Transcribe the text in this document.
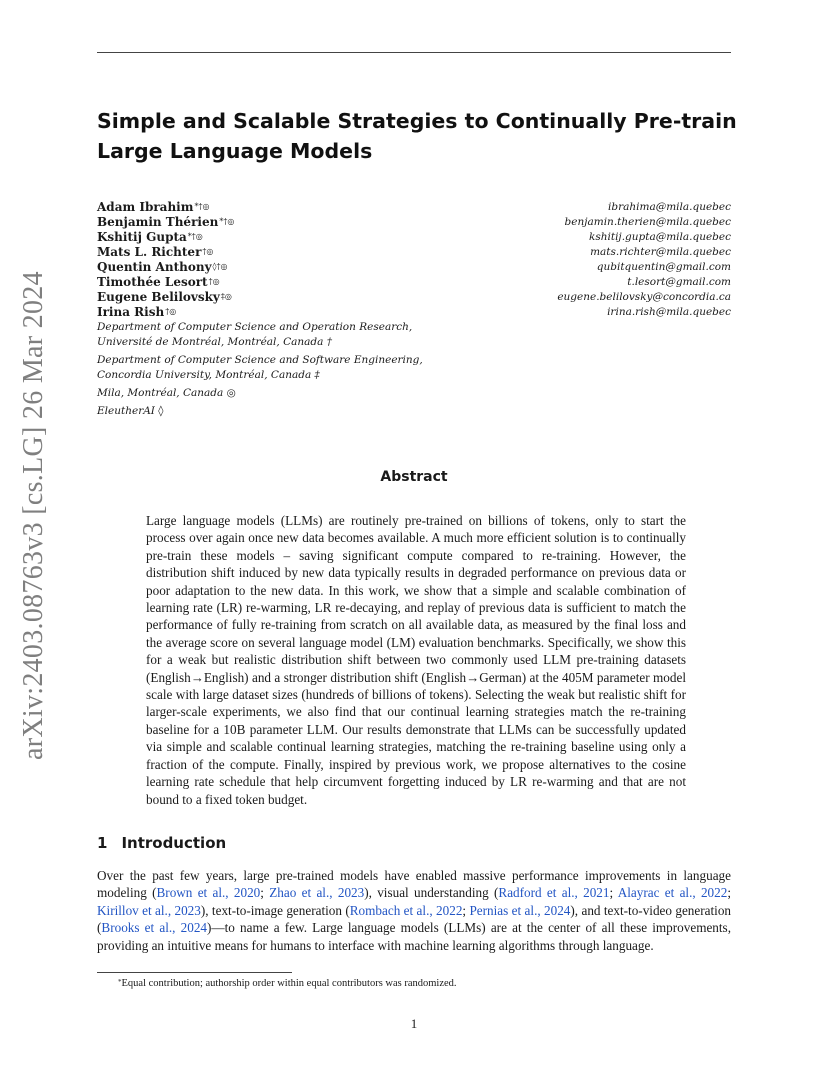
arXiv:2403.08763v3 [cs.LG] 26 Mar 2024
Simple and Scalable Strategies to Continually Pre-train Large Language Models
Adam Ibrahim*†◎
Benjamin Thérien*†◎
Kshitij Gupta*†◎
Mats L. Richter†◎
Quentin Anthony◊†◎
Timothée Lesort†◎
Eugene Belilovsky‡◎
Irina Rish†◎
ibrahima@mila.quebec
benjamin.therien@mila.quebec
kshitij.gupta@mila.quebec
mats.richter@mila.quebec
qubitquentin@gmail.com
t.lesort@gmail.com
eugene.belilovsky@concordia.ca
irina.rish@mila.quebec
Department of Computer Science and Operation Research,
Université de Montréal, Montréal, Canada †
Department of Computer Science and Software Engineering,
Concordia University, Montréal, Canada ‡
Mila, Montréal, Canada ◎
EleutherAI ◊
Abstract
Large language models (LLMs) are routinely pre-trained on billions of tokens, only to start the process over again once new data becomes available. A much more efficient solution is to continually pre-train these models – saving significant compute compared to re-training. However, the distribution shift induced by new data typically results in degraded performance on previous data or poor adaptation to the new data. In this work, we show that a simple and scalable combination of learning rate (LR) re-warming, LR re-decaying, and replay of previous data is sufficient to match the performance of fully re-training from scratch on all available data, as measured by the final loss and the average score on several language model (LM) evaluation benchmarks. Specifically, we show this for a weak but realistic distribution shift between two commonly used LLM pre-training datasets (English→English) and a stronger distribution shift (English→German) at the 405M parameter model scale with large dataset sizes (hundreds of billions of tokens). Selecting the weak but realistic shift for larger-scale experiments, we also find that our continual learning strategies match the re-training baseline for a 10B parameter LLM. Our results demonstrate that LLMs can be successfully updated via simple and scalable continual learning strategies, matching the re-training baseline using only a fraction of the compute. Finally, inspired by previous work, we propose alternatives to the cosine learning rate schedule that help circumvent forgetting induced by LR re-warming and that are not bound to a fixed token budget.
1 Introduction
Over the past few years, large pre-trained models have enabled massive performance improvements in language modeling (Brown et al., 2020; Zhao et al., 2023), visual understanding (Radford et al., 2021; Alayrac et al., 2022; Kirillov et al., 2023), text-to-image generation (Rombach et al., 2022; Pernias et al., 2024), and text-to-video generation (Brooks et al., 2024)—to name a few. Large language models (LLMs) are at the center of all these improvements, providing an intuitive means for humans to interface with machine learning algorithms through language.
*Equal contribution; authorship order within equal contributors was randomized.
1
